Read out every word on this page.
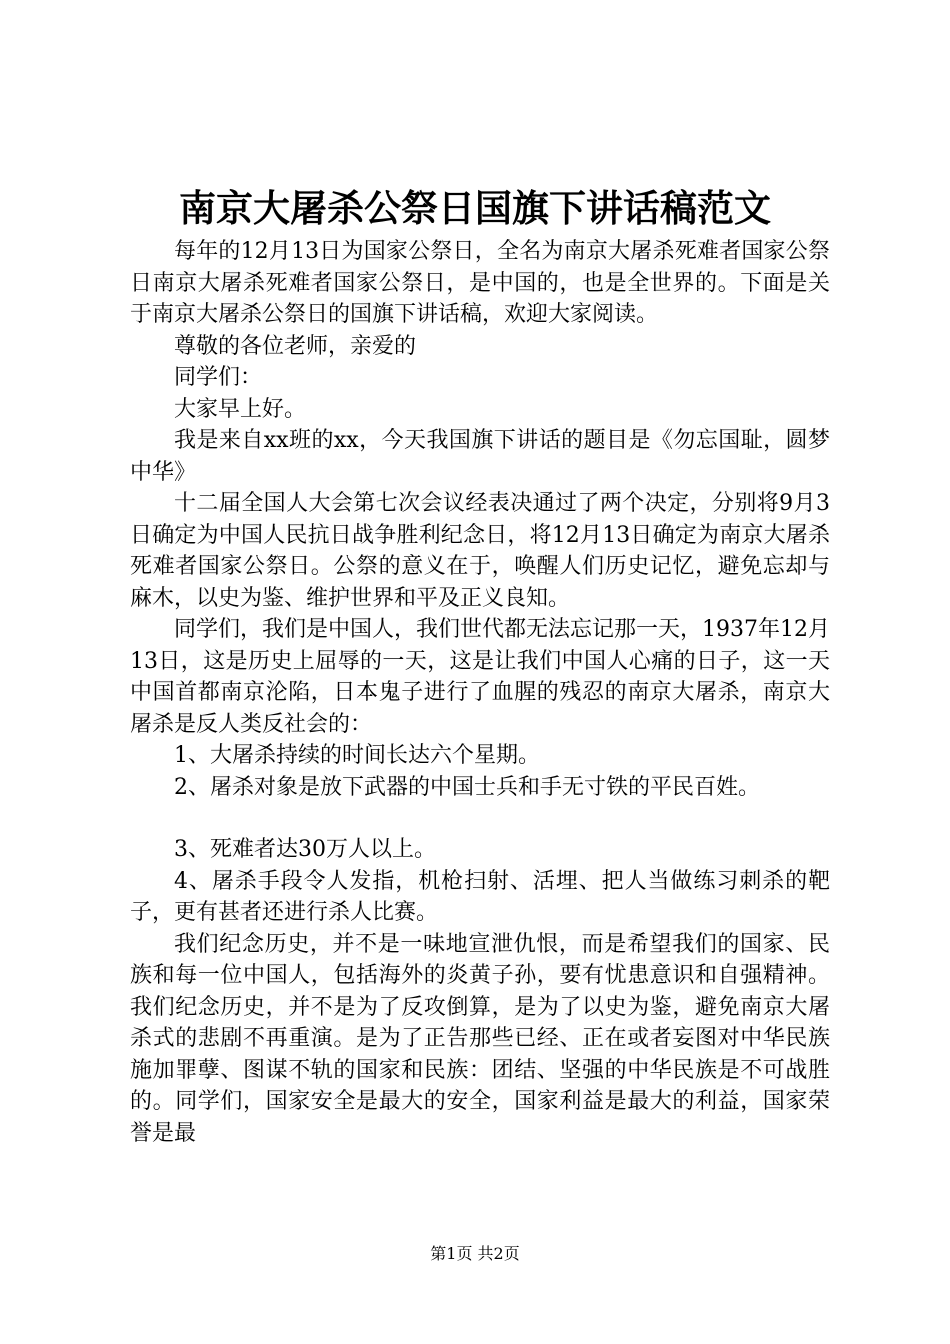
南京大屠杀公祭日国旗下讲话稿范文

每年的12月13日为国家公祭日，全名为南京大屠杀死难者国家公祭日南京大屠杀死难者国家公祭日，是中国的，也是全世界的。下面是关于南京大屠杀公祭日的国旗下讲话稿，欢迎大家阅读。

尊敬的各位老师，亲爱的

同学们：

大家早上好。

我是来自xx班的xx，今天我国旗下讲话的题目是《勿忘国耻，圆梦中华》

十二届全国人大会第七次会议经表决通过了两个决定，分别将9月3日确定为中国人民抗日战争胜利纪念日，将12月13日确定为南京大屠杀死难者国家公祭日。公祭的意义在于，唤醒人们历史记忆，避免忘却与麻木，以史为鉴、维护世界和平及正义良知。

同学们，我们是中国人，我们世代都无法忘记那一天，1937年12月13日，这是历史上屈辱的一天，这是让我们中国人心痛的日子，这一天中国首都南京沦陷，日本鬼子进行了血腥的残忍的南京大屠杀，南京大屠杀是反人类反社会的：

1、大屠杀持续的时间长达六个星期。

2、屠杀对象是放下武器的中国士兵和手无寸铁的平民百姓。

3、死难者达30万人以上。

4、屠杀手段令人发指，机枪扫射、活埋、把人当做练习刺杀的靶子，更有甚者还进行杀人比赛。

我们纪念历史，并不是一味地宣泄仇恨，而是希望我们的国家、民族和每一位中国人，包括海外的炎黄子孙，要有忧患意识和自强精神。我们纪念历史，并不是为了反攻倒算，是为了以史为鉴，避免南京大屠杀式的悲剧不再重演。是为了正告那些已经、正在或者妄图对中华民族施加罪孽、图谋不轨的国家和民族：团结、坚强的中华民族是不可战胜的。同学们，国家安全是最大的安全，国家利益是最大的利益，国家荣誉是最

第1页 共2页
